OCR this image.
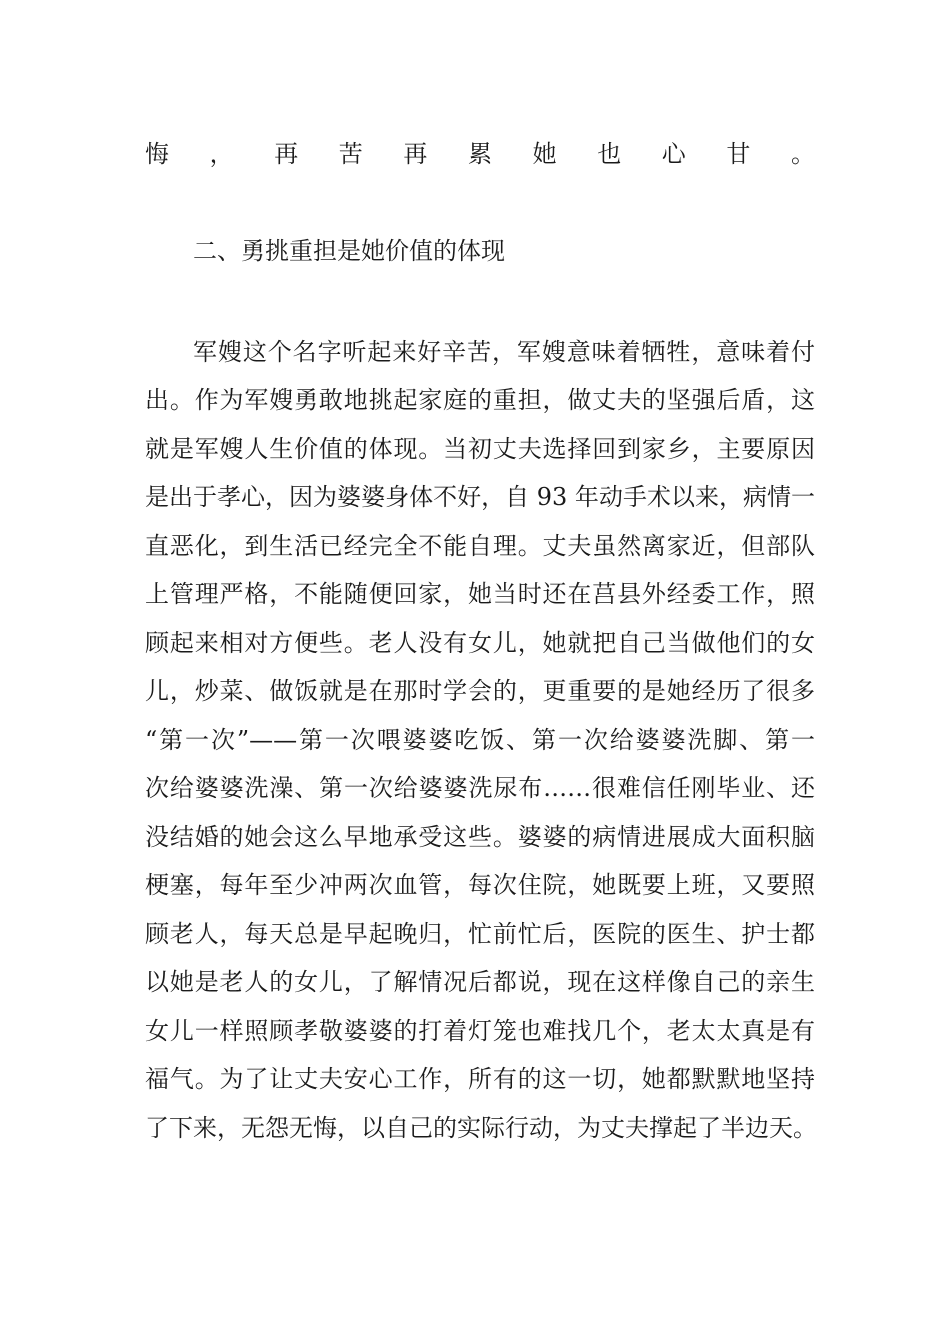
悔，再苦再累她也心甘。

二、勇挑重担是她价值的体现

军嫂这个名字听起来好辛苦，军嫂意味着牺牲，意味着付

出。作为军嫂勇敢地挑起家庭的重担，做丈夫的坚强后盾，这

就是军嫂人生价值的体现。当初丈夫选择回到家乡，主要原因

是出于孝心，因为婆婆身体不好，自 93 年动手术以来，病情一

直恶化，到生活已经完全不能自理。丈夫虽然离家近，但部队

上管理严格，不能随便回家，她当时还在莒县外经委工作，照

顾起来相对方便些。老人没有女儿，她就把自己当做他们的女

儿，炒菜、做饭就是在那时学会的，更重要的是她经历了很多

“第一次”——第一次喂婆婆吃饭、第一次给婆婆洗脚、第一

次给婆婆洗澡、第一次给婆婆洗尿布……很难信任刚毕业、还

没结婚的她会这么早地承受这些。婆婆的病情进展成大面积脑

梗塞，每年至少冲两次血管，每次住院，她既要上班，又要照

顾老人，每天总是早起晚归，忙前忙后，医院的医生、护士都

以她是老人的女儿，了解情况后都说，现在这样像自己的亲生

女儿一样照顾孝敬婆婆的打着灯笼也难找几个，老太太真是有

福气。为了让丈夫安心工作，所有的这一切，她都默默地坚持

了下来，无怨无悔，以自己的实际行动，为丈夫撑起了半边天。
